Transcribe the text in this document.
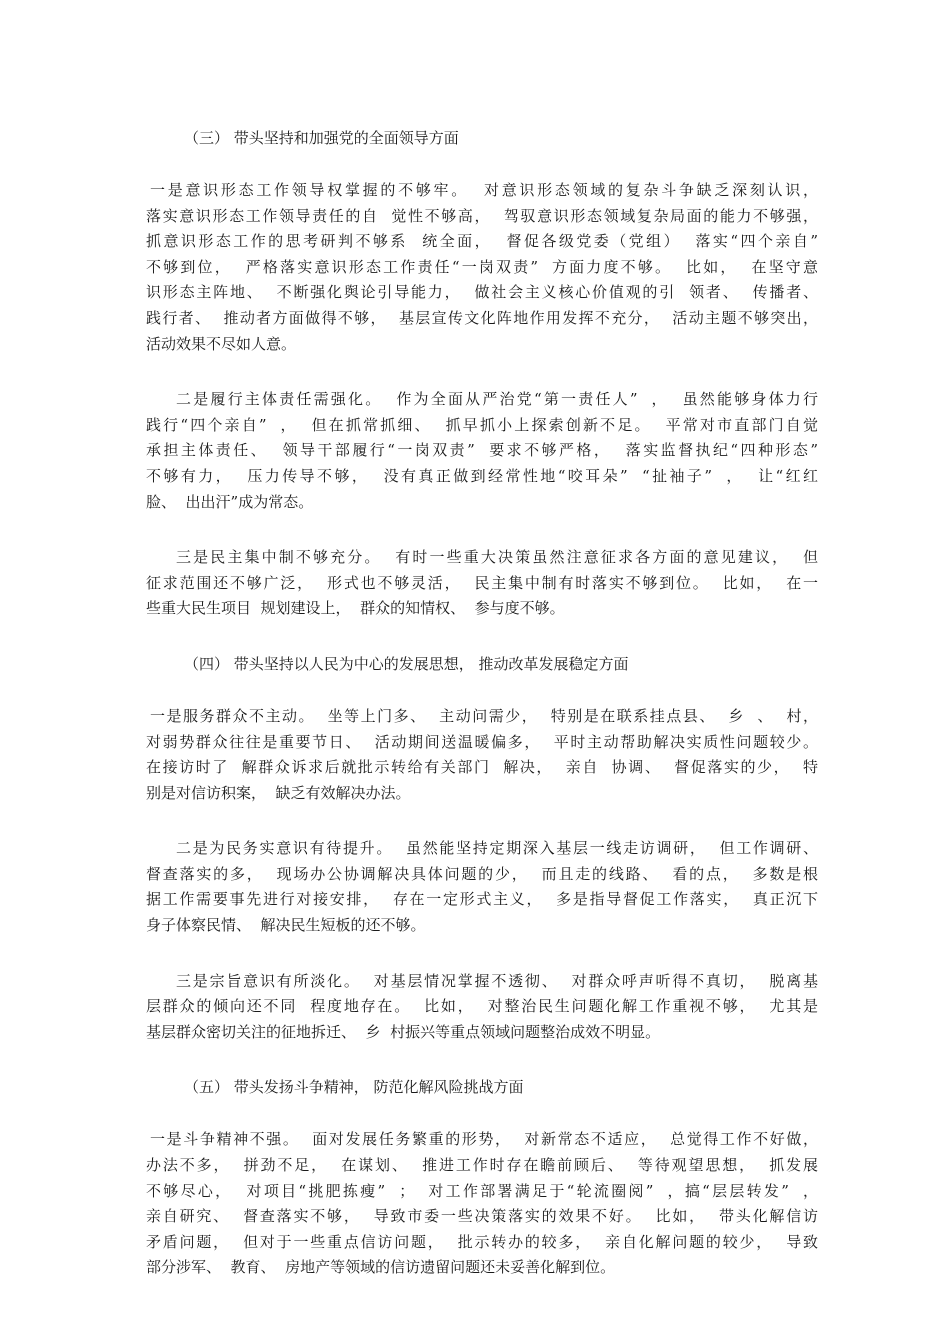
（三） 带头坚持和加强党的全面领导方面
一是意识形态工作领导权掌握的不够牢。  对意识形态领域的复杂斗争缺乏深刻认识，
落实意识形态工作领导责任的自  觉性不够高，  驾驭意识形态领域复杂局面的能力不够强，
抓意识形态工作的思考研判不够系  统全面，  督促各级党委（党组）  落实“四个亲自”
不够到位，  严格落实意识形态工作责任“一岗双责”  方面力度不够。  比如，  在坚守意
识形态主阵地、  不断强化舆论引导能力，  做社会主义核心价值观的引  领者、  传播者、
践行者、  推动者方面做得不够，  基层宣传文化阵地作用发挥不充分，  活动主题不够突出，
活动效果不尽如人意。
二是履行主体责任需强化。  作为全面从严治党“第一责任人”  ，  虽然能够身体力行
践行“四个亲自”  ，  但在抓常抓细、  抓早抓小上探索创新不足。  平常对市直部门自觉
承担主体责任、  领导干部履行“一岗双责”  要求不够严格，  落实监督执纪“四种形态”
不够有力，  压力传导不够，  没有真正做到经常性地“咬耳朵”  “扯袖子”  ，  让“红红
脸、  出出汗”成为常态。
三是民主集中制不够充分。  有时一些重大决策虽然注意征求各方面的意见建议，  但
征求范围还不够广泛，  形式也不够灵活，  民主集中制有时落实不够到位。  比如，  在一
些重大民生项目  规划建设上，  群众的知情权、  参与度不够。
（四） 带头坚持以人民为中心的发展思想， 推动改革发展稳定方面
一是服务群众不主动。  坐等上门多、  主动问需少，  特别是在联系挂点县、  乡  、  村，
对弱势群众往往是重要节日、  活动期间送温暖偏多，  平时主动帮助解决实质性问题较少。
在接访时了  解群众诉求后就批示转给有关部门  解决，  亲自  协调、  督促落实的少，  特
别是对信访积案，  缺乏有效解决办法。
二是为民务实意识有待提升。  虽然能坚持定期深入基层一线走访调研，  但工作调研、
督查落实的多，  现场办公协调解决具体问题的少，  而且走的线路、  看的点，  多数是根
据工作需要事先进行对接安排，  存在一定形式主义，  多是指导督促工作落实，  真正沉下
身子体察民情、  解决民生短板的还不够。
三是宗旨意识有所淡化。  对基层情况掌握不透彻、  对群众呼声听得不真切，  脱离基
层群众的倾向还不同  程度地存在。  比如，  对整治民生问题化解工作重视不够，  尤其是
基层群众密切关注的征地拆迁、  乡  村振兴等重点领域问题整治成效不明显。
（五） 带头发扬斗争精神， 防范化解风险挑战方面
一是斗争精神不强。  面对发展任务繁重的形势，  对新常态不适应，  总觉得工作不好做，
办法不多，  拼劲不足，  在谋划、  推进工作时存在瞻前顾后、  等待观望思想，  抓发展
不够尽心，  对项目“挑肥拣瘦”  ；  对工作部署满足于“轮流圈阅”  ，搞“层层转发”  ，
亲自研究、  督查落实不够，  导致市委一些决策落实的效果不好。  比如，  带头化解信访
矛盾问题，  但对于一些重点信访问题，  批示转办的较多，  亲自化解问题的较少，  导致
部分涉军、  教育、  房地产等领域的信访遗留问题还未妥善化解到位。
